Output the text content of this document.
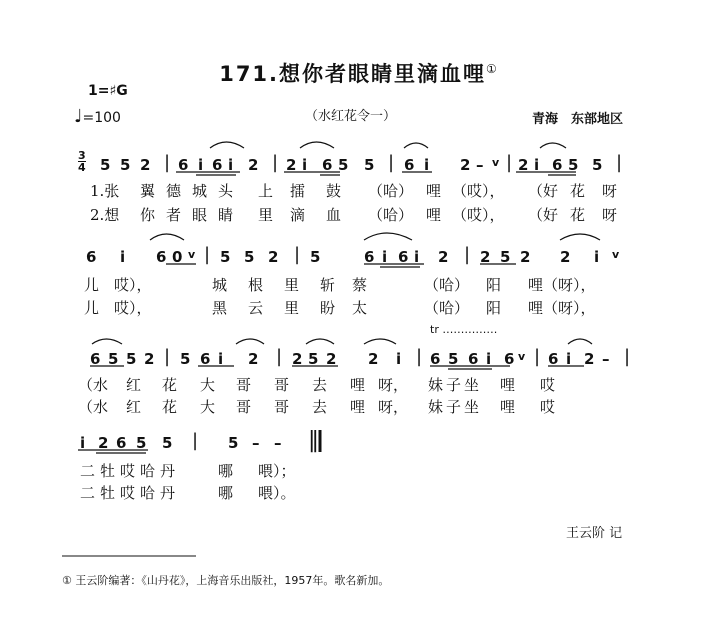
171.想你者眼睛里滴血哩①
1=♯G
♩=100	（水红花令一）	青海　东部地区
3
4 5 5 2 | 6 i 6 i 2 | 2 i 6 5 5 | 6 i 2 – v | 2 i 6 5 5 |
1.张 翼 德 城 头 上 擂 鼓 （哈） 哩 （哎）， （好 花 呀
2.想 你 者 眼 睛 里 滴 血 （哈） 哩 （哎）， （好 花 呀
6 i 6 0 v | 5 5 2 | 5	6 i 6 i 2 | 2 5 2 2 i v
儿 哎），	城 根 里 斩 蔡	（哈） 阳 哩（呀），
儿 哎），	黑 云 里 盼 太	（哈） 阳 哩（呀），
tr ……………
6 5 5 2 | 5 6 i 2 | 2 5 2 2 i | 6 5 6 i 6 v | 6 i 2 – |
（水 红 花 大 哥 哥 去 哩 呀， 妹 子 坐 哩 哎
（水 红 花 大 哥 哥 去 哩 呀， 妹 子 坐 哩 哎
i 2 6 5 5 | 5 – – ‖
二 牡 哎 哈 丹	哪 喂）；
二 牡 哎 哈 丹	哪 喂）。
王云阶 记
① 王云阶编著：《山丹花》，上海音乐出版社，1957年。歌名新加。
